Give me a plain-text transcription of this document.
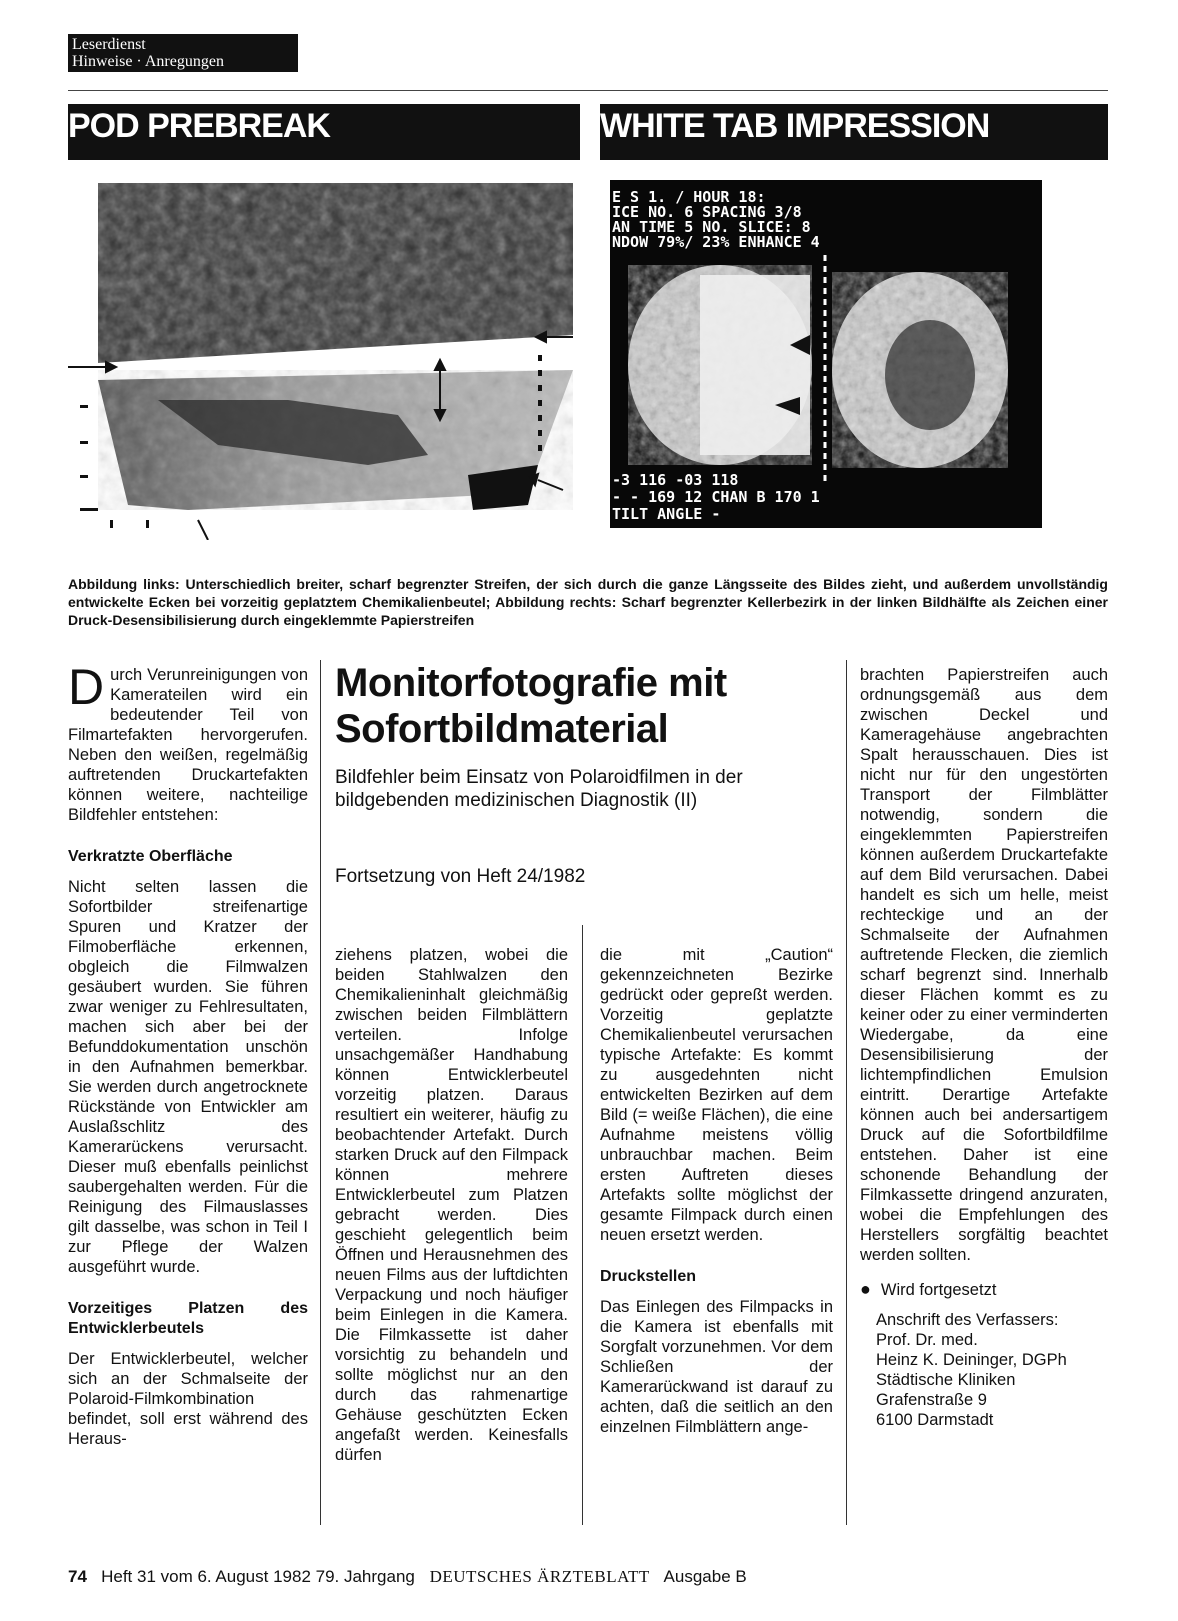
Leserdienst
Hinweise · Anregungen
POD PREBREAK	WHITE TAB IMPRESSION
E S 1. / HOUR 18:
ICE NO. 6 SPACING 3/8
AN TIME 5 NO. SLICE: 8
NDOW 79%/ 23% ENHANCE 4
-3 116 -03 118
- - 169 12 CHAN B 170 1
TILT ANGLE -
Abbildung links: Unterschiedlich breiter, scharf begrenzter Streifen, der sich durch die ganze Längsseite des Bildes zieht, und außerdem unvollständig entwickelte Ecken bei vorzeitig geplatztem Chemikalienbeutel; Abbildung rechts: Scharf begrenzter Kellerbezirk in der linken Bildhälfte als Zeichen einer Druck-Desensibilisierung durch eingeklemmte Papierstreifen

Durch Verunreinigungen von Kamerateilen wird ein bedeutender Teil von Filmartefakten hervorgerufen. Neben den weißen, regelmäßig auftretenden Druckartefakten können weitere, nachteilige Bildfehler entstehen:

Verkratzte Oberfläche

Nicht selten lassen die Sofortbilder streifenartige Spuren und Kratzer der Filmoberfläche erkennen, obgleich die Filmwalzen gesäubert wurden. Sie führen zwar weniger zu Fehlresultaten, machen sich aber bei der Befunddokumentation unschön in den Aufnahmen bemerkbar. Sie werden durch angetrocknete Rückstände von Entwickler am Auslaßschlitz des Kamerarückens verursacht. Dieser muß ebenfalls peinlichst saubergehalten werden. Für die Reinigung des Filmauslasses gilt dasselbe, was schon in Teil I zur Pflege der Walzen ausgeführt wurde.

Vorzeitiges Platzen des Entwicklerbeutels

Der Entwicklerbeutel, welcher sich an der Schmalseite der Polaroid-Filmkombination befindet, soll erst während des Heraus-

Monitorfotografie mit Sofortbildmaterial
Bildfehler beim Einsatz von Polaroidfilmen in der bildgebenden medizinischen Diagnostik (II)
Fortsetzung von Heft 24/1982

ziehens platzen, wobei die beiden Stahlwalzen den Chemikalieninhalt gleichmäßig zwischen beiden Filmblättern verteilen. Infolge unsachgemäßer Handhabung können Entwicklerbeutel vorzeitig platzen. Daraus resultiert ein weiterer, häufig zu beobachtender Artefakt. Durch starken Druck auf den Filmpack können mehrere Entwicklerbeutel zum Platzen gebracht werden. Dies geschieht gelegentlich beim Öffnen und Herausnehmen des neuen Films aus der luftdichten Verpackung und noch häufiger beim Einlegen in die Kamera. Die Filmkassette ist daher vorsichtig zu behandeln und sollte möglichst nur an den durch das rahmenartige Gehäuse geschützten Ecken angefaßt werden. Keinesfalls dürfen

die mit „Caution“ gekennzeichneten Bezirke gedrückt oder gepreßt werden. Vorzeitig geplatzte Chemikalienbeutel verursachen typische Artefakte: Es kommt zu ausgedehnten nicht entwickelten Bezirken auf dem Bild (= weiße Flächen), die eine Aufnahme meistens völlig unbrauchbar machen. Beim ersten Auftreten dieses Artefakts sollte möglichst der gesamte Filmpack durch einen neuen ersetzt werden.

Druckstellen

Das Einlegen des Filmpacks in die Kamera ist ebenfalls mit Sorgfalt vorzunehmen. Vor dem Schließen der Kamerarückwand ist darauf zu achten, daß die seitlich an den einzelnen Filmblättern ange-

brachten Papierstreifen auch ordnungsgemäß aus dem zwischen Deckel und Kameragehäuse angebrachten Spalt herausschauen. Dies ist nicht nur für den ungestörten Transport der Filmblätter notwendig, sondern die eingeklemmten Papierstreifen können außerdem Druckartefakte auf dem Bild verursachen. Dabei handelt es sich um helle, meist rechteckige und an der Schmalseite der Aufnahmen auftretende Flecken, die ziemlich scharf begrenzt sind. Innerhalb dieser Flächen kommt es zu keiner oder zu einer verminderten Wiedergabe, da eine Desensibilisierung der lichtempfindlichen Emulsion eintritt. Derartige Artefakte können auch bei andersartigem Druck auf die Sofortbildfilme entstehen. Daher ist eine schonende Behandlung der Filmkassette dringend anzuraten, wobei die Empfehlungen des Herstellers sorgfältig beachtet werden sollten.

●  Wird fortgesetzt

Anschrift des Verfassers:
Prof. Dr. med.
Heinz K. Deininger, DGPh
Städtische Kliniken
Grafenstraße 9
6100 Darmstadt
74 Heft 31 vom 6. August 1982 79. Jahrgang DEUTSCHES ÄRZTEBLATT Ausgabe B
